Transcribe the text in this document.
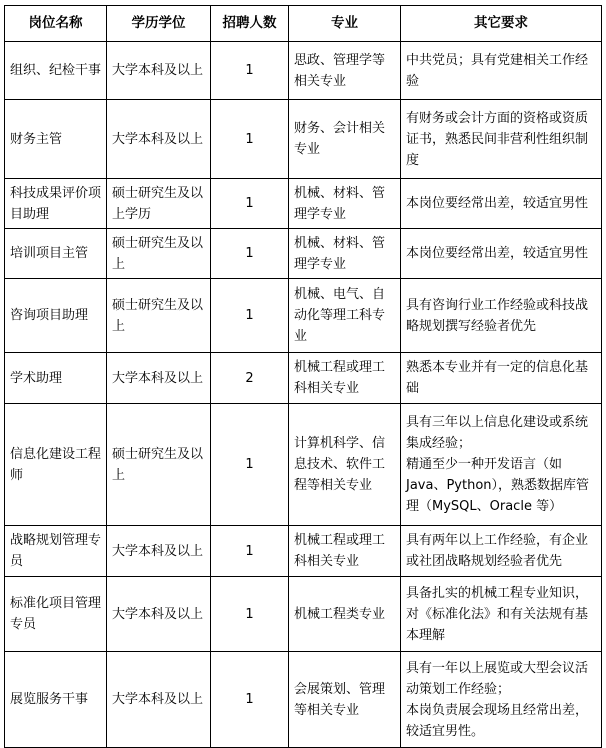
岗位名称	学历学位	招聘人数	专业	其它要求
组织、纪检干事	大学本科及以上	1	思政、管理学等相关专业	中共党员；具有党建相关工作经验

财务主管	大学本科及以上	1	财务、会计相关专业	有财务或会计方面的资格或资质证书，熟悉民间非营利性组织制度

科技成果评价项目助理	硕士研究生及以上学历	1	机械、材料、管理学专业	本岗位要经常出差，较适宜男性

培训项目主管	硕士研究生及以上	1	机械、材料、管理学专业	本岗位要经常出差，较适宜男性

咨询项目助理	硕士研究生及以上	1	机械、电气、自动化等理工科专业	具有咨询行业工作经验或科技战略规划撰写经验者优先

学术助理	大学本科及以上	2	机械工程或理工科相关专业	熟悉本专业并有一定的信息化基础

信息化建设工程师	硕士研究生及以上	1	计算机科学、信息技术、软件工程等相关专业	具有三年以上信息化建设或系统集成经验；
精通至少一种开发语言（如Java、Python），熟悉数据库管理（MySQL、Oracle 等）

战略规划管理专员	大学本科及以上	1	机械工程或理工科相关专业	具有两年以上工作经验，有企业或社团战略规划经验者优先

标准化项目管理专员	大学本科及以上	1	机械工程类专业	具备扎实的机械工程专业知识，对《标准化法》和有关法规有基本理解

展览服务干事	大学本科及以上	1	会展策划、管理等相关专业	具有一年以上展览或大型会议活动策划工作经验；
本岗负责展会现场且经常出差，较适宜男性。
